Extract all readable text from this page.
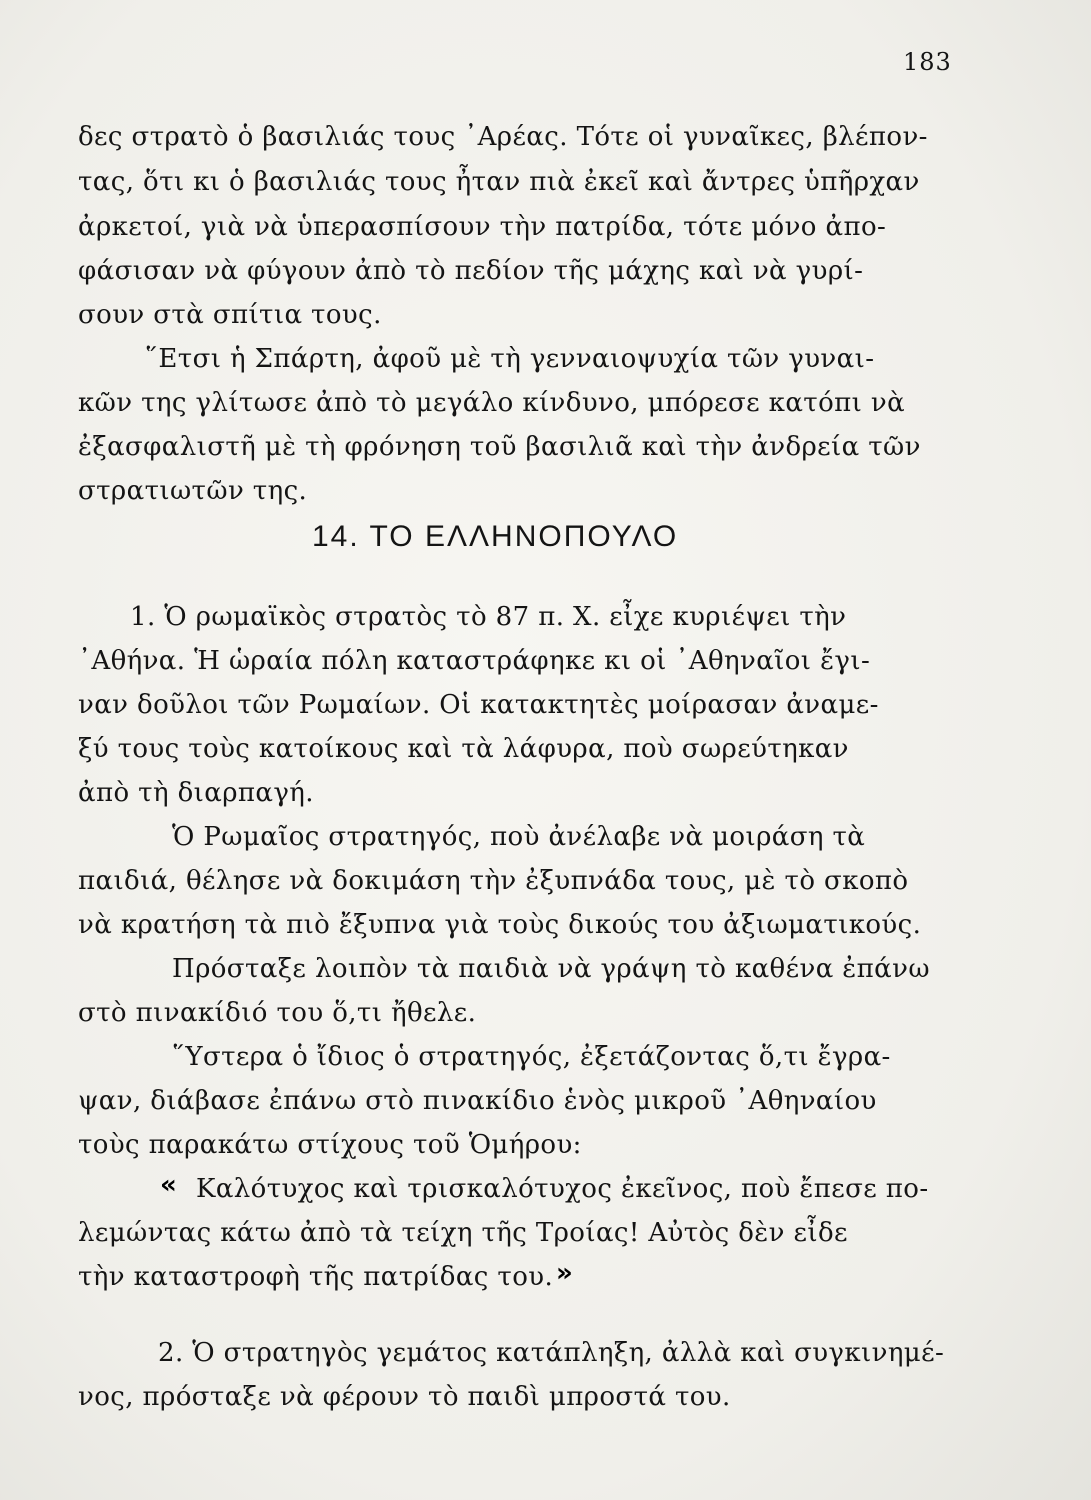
183
δες στρατὸ ὁ βασιλιάς τους ᾿Αρέας. Τότε οἱ γυναῖκες, βλέπον-
τας, ὅτι κι ὁ βασιλιάς τους ἦταν πιὰ ἐκεῖ καὶ ἄντρες ὑπῆρχαν
ἀρκετοί, γιὰ νὰ ὑπερασπίσουν τὴν πατρίδα, τότε μόνο ἀπο-
φάσισαν νὰ φύγουν ἀπὸ τὸ πεδίον τῆς μάχης καὶ νὰ γυρί-
σουν στὰ σπίτια τους.
῞Ετσι ἡ Σπάρτη, ἀφοῦ μὲ τὴ γενναιοψυχία τῶν γυναι-
κῶν της γλίτωσε ἀπὸ τὸ μεγάλο κίνδυνο, μπόρεσε κατόπι νὰ
ἐξασφαλιστῆ μὲ τὴ φρόνηση τοῦ βασιλιᾶ καὶ τὴν ἀνδρεία τῶν
στρατιωτῶν της.
14. ΤΟ ΕΛΛΗΝΟΠΟΥΛΟ
1. Ὁ ρωμαϊκὸς στρατὸς τὸ 87 π. Χ. εἶχε κυριέψει τὴν
᾿Αθήνα. Ἡ ὡραία πόλη καταστράφηκε κι οἱ ᾿Αθηναῖοι ἔγι-
ναν δοῦλοι τῶν Ρωμαίων. Οἱ κατακτητὲς μοίρασαν ἀναμε-
ξύ τους τοὺς κατοίκους καὶ τὰ λάφυρα, ποὺ σωρεύτηκαν
ἀπὸ τὴ διαρπαγή.
Ὁ Ρωμαῖος στρατηγός, ποὺ ἀνέλαβε νὰ μοιράση τὰ
παιδιά, θέλησε νὰ δοκιμάση τὴν ἐξυπνάδα τους, μὲ τὸ σκοπὸ
νὰ κρατήση τὰ πιὸ ἔξυπνα γιὰ τοὺς δικούς του ἀξιωματικούς.
Πρόσταξε λοιπὸν τὰ παιδιὰ νὰ γράψη τὸ καθένα ἐπάνω
στὸ πινακίδιό του ὅ,τι ἤθελε.
῞Υστερα ὁ ἴδιος ὁ στρατηγός, ἐξετάζοντας ὅ,τι ἔγρα-
ψαν, διάβασε ἐπάνω στὸ πινακίδιο ἑνὸς μικροῦ ᾿Αθηναίου
τοὺς παρακάτω στίχους τοῦ Ὁμήρου:
« Καλότυχος καὶ τρισκαλότυχος ἐκεῖνος, ποὺ ἔπεσε πο-
λεμώντας κάτω ἀπὸ τὰ τείχη τῆς Τροίας! Αὐτὸς δὲν εἶδε
τὴν καταστροφὴ τῆς πατρίδας του. »
2. Ὁ στρατηγὸς γεμάτος κατάπληξη, ἀλλὰ καὶ συγκινημέ-
νος, πρόσταξε νὰ φέρουν τὸ παιδὶ μπροστά του.
